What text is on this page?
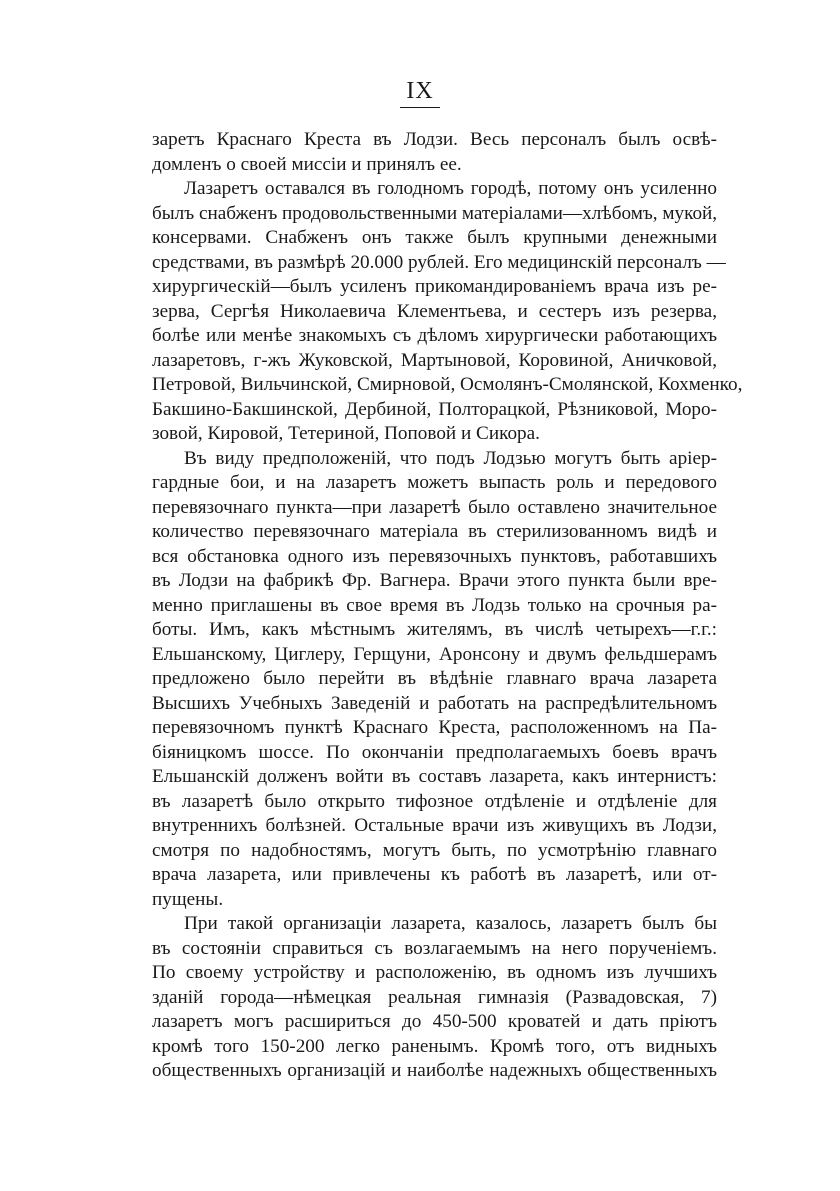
IX
заретъ Краснаго Креста въ Лодзи. Весь персоналъ былъ освѣ-
домленъ о своей миссіи и принялъ ее.
Лазаретъ оставался въ голодномъ городѣ, потому онъ усиленно
былъ снабженъ продовольственными матеріалами—хлѣбомъ, мукой,
консервами. Снабженъ онъ также былъ крупными денежными
средствами, въ размѣрѣ 20.000 рублей. Его медицинскій персоналъ —
хирургическій—былъ усиленъ прикомандированіемъ врача изъ ре-
зерва, Сергѣя Николаевича Клементьева, и сестеръ изъ резерва,
болѣе или менѣе знакомыхъ съ дѣломъ хирургически работающихъ
лазаретовъ, г-жъ Жуковской, Мартыновой, Коровиной, Аничковой,
Петровой, Вильчинской, Смирновой, Осмолянъ-Смолянской, Кохменко,
Бакшино-Бакшинской, Дербиной, Полторацкой, Рѣзниковой, Моро-
зовой, Кировой, Тетериной, Поповой и Сикора.
Въ виду предположеній, что подъ Лодзью могутъ быть аріер-
гардные бои, и на лазаретъ можетъ выпасть роль и передового
перевязочнаго пункта—при лазаретѣ было оставлено значительное
количество перевязочнаго матеріала въ стерилизованномъ видѣ и
вся обстановка одного изъ перевязочныхъ пунктовъ, работавшихъ
въ Лодзи на фабрикѣ Фр. Вагнера. Врачи этого пункта были вре-
менно приглашены въ свое время въ Лодзь только на срочныя ра-
боты. Имъ, какъ мѣстнымъ жителямъ, въ числѣ четырехъ—г.г.:
Ельшанскому, Циглеру, Герщуни, Аронсону и двумъ фельдшерамъ
предложено было перейти въ вѣдѣніе главнаго врача лазарета
Высшихъ Учебныхъ Заведеній и работать на распредѣлительномъ
перевязочномъ пунктѣ Краснаго Креста, расположенномъ на Па-
біяницкомъ шоссе. По окончаніи предполагаемыхъ боевъ врачъ
Ельшанскій долженъ войти въ составъ лазарета, какъ интернистъ:
въ лазаретѣ было открыто тифозное отдѣленіе и отдѣленіе для
внутреннихъ болѣзней. Остальные врачи изъ живущихъ въ Лодзи,
смотря по надобностямъ, могутъ быть, по усмотрѣнію главнаго
врача лазарета, или привлечены къ работѣ въ лазаретѣ, или от-
пущены.
При такой организаціи лазарета, казалось, лазаретъ былъ бы
въ состояніи справиться съ возлагаемымъ на него порученіемъ.
По своему устройству и расположенію, въ одномъ изъ лучшихъ
зданій города—нѣмецкая реальная гимназія (Развадовская, 7)
лазаретъ могъ расшириться до 450-500 кроватей и дать пріютъ
кромѣ того 150-200 легко раненымъ. Кромѣ того, отъ видныхъ
общественныхъ организацій и наиболѣе надежныхъ общественныхъ
